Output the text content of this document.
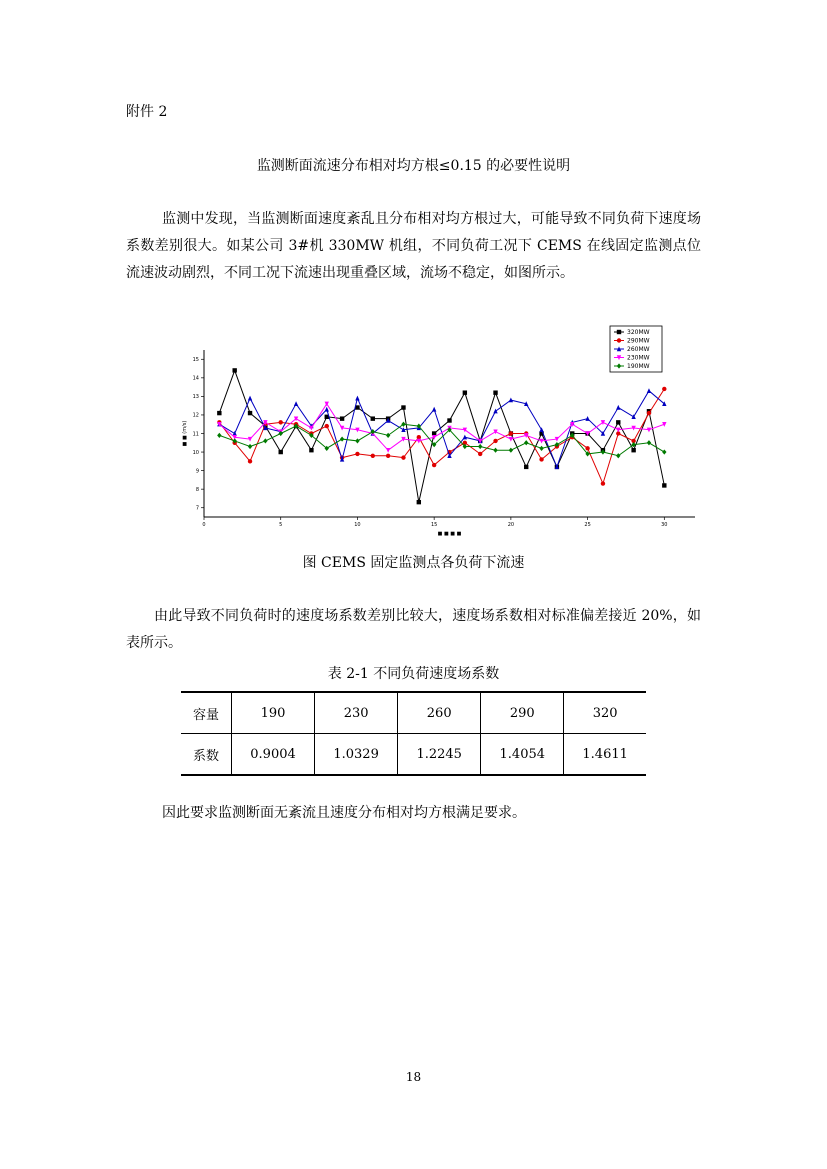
附件 2
监测断面流速分布相对均方根≤0.15 的必要性说明
监测中发现，当监测断面速度紊乱且分布相对均方根过大，可能导致不同负荷下速度场系数差别很大。如某公司 3#机 330MW 机组，不同负荷工况下 CEMS 在线固定监测点位流速波动剧烈，不同工况下流速出现重叠区域，流场不稳定，如图所示。
■ ■ ■ ■
■ ■ (m/s)
0	5	10	15	20	25	30
7
8
9
10
11
12
13
14
15
320MW
290MW
260MW
230MW
190MW
图 CEMS 固定监测点各负荷下流速
由此导致不同负荷时的速度场系数差别比较大，速度场系数相对标准偏差接近 20%，如表所示。
表 2-1 不同负荷速度场系数
容量	190	230	260	290	320
系数	0.9004	1.0329	1.2245	1.4054	1.4611
因此要求监测断面无紊流且速度分布相对均方根满足要求。
18
